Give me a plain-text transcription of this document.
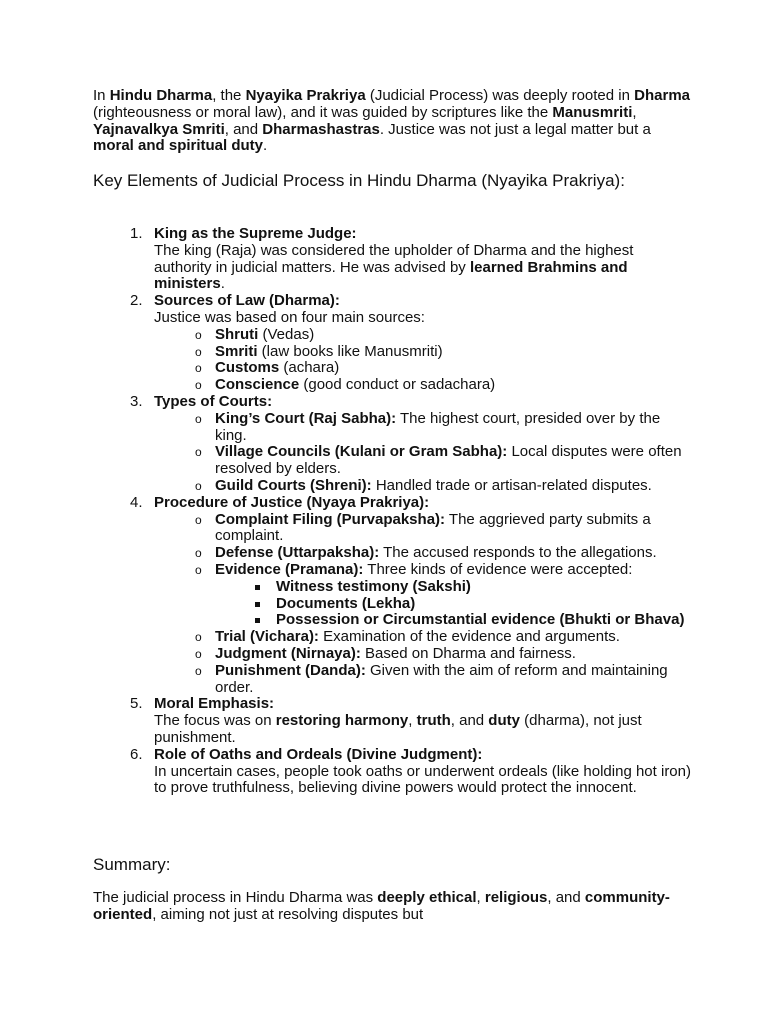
In Hindu Dharma, the Nyayika Prakriya (Judicial Process) was deeply rooted in Dharma (righteousness or moral law), and it was guided by scriptures like the Manusmriti, Yajnavalkya Smriti, and Dharmashastras. Justice was not just a legal matter but a moral and spiritual duty.

Key Elements of Judicial Process in Hindu Dharma (Nyayika Prakriya):
1. King as the Supreme Judge:
The king (Raja) was considered the upholder of Dharma and the highest authority in judicial matters. He was advised by learned Brahmins and ministers.
2. Sources of Law (Dharma):
Justice was based on four main sources:
o Shruti (Vedas)
o Smriti (law books like Manusmriti)
o Customs (achara)
o Conscience (good conduct or sadachara)
3. Types of Courts:
o King’s Court (Raj Sabha): The highest court, presided over by the king.
o Village Councils (Kulani or Gram Sabha): Local disputes were often resolved by elders.
o Guild Courts (Shreni): Handled trade or artisan-related disputes.
4. Procedure of Justice (Nyaya Prakriya):
o Complaint Filing (Purvapaksha): The aggrieved party submits a complaint.
o Defense (Uttarpaksha): The accused responds to the allegations.
o Evidence (Pramana): Three kinds of evidence were accepted:
Witness testimony (Sakshi)
Documents (Lekha)
Possession or Circumstantial evidence (Bhukti or Bhava)
o Trial (Vichara): Examination of the evidence and arguments.
o Judgment (Nirnaya): Based on Dharma and fairness.
o Punishment (Danda): Given with the aim of reform and maintaining order.
5. Moral Emphasis:
The focus was on restoring harmony, truth, and duty (dharma), not just punishment.
6. Role of Oaths and Ordeals (Divine Judgment):
In uncertain cases, people took oaths or underwent ordeals (like holding hot iron) to prove truthfulness, believing divine powers would protect the innocent.
Summary:

The judicial process in Hindu Dharma was deeply ethical, religious, and community-oriented, aiming not just at resolving disputes but
